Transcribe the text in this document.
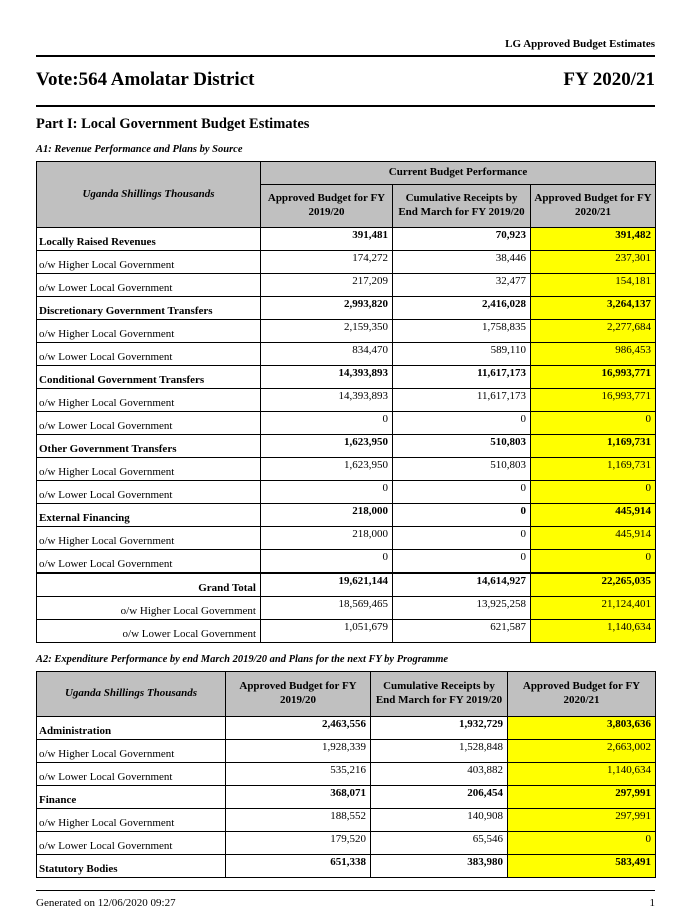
LG Approved Budget Estimates
Vote:564 Amolatar District	FY 2020/21
Part I: Local Government Budget Estimates
A1: Revenue Performance and Plans by Source
Uganda Shillings Thousands	Current Budget Performance		
	Approved Budget for FY 2019/20	Cumulative Receipts by End March for FY 2019/20	Approved Budget for FY 2020/21
Locally Raised Revenues	391,481	70,923	391,482
o/w Higher Local Government	174,272	38,446	237,301
o/w Lower Local Government	217,209	32,477	154,181
Discretionary Government Transfers	2,993,820	2,416,028	3,264,137
o/w Higher Local Government	2,159,350	1,758,835	2,277,684
o/w Lower Local Government	834,470	589,110	986,453
Conditional Government Transfers	14,393,893	11,617,173	16,993,771
o/w Higher Local Government	14,393,893	11,617,173	16,993,771
o/w Lower Local Government	0	0	0
Other Government Transfers	1,623,950	510,803	1,169,731
o/w Higher Local Government	1,623,950	510,803	1,169,731
o/w Lower Local Government	0	0	0
External Financing	218,000	0	445,914
o/w Higher Local Government	218,000	0	445,914
o/w Lower Local Government	0	0	0
Grand Total	19,621,144	14,614,927	22,265,035
o/w Higher Local Government	18,569,465	13,925,258	21,124,401
o/w Lower Local Government	1,051,679	621,587	1,140,634
A2: Expenditure Performance by end March 2019/20 and Plans for the next FY by Programme
Uganda Shillings Thousands	Approved Budget for FY 2019/20	Cumulative Receipts by End March for FY 2019/20	Approved Budget for FY 2020/21
Administration	2,463,556	1,932,729	3,803,636
o/w Higher Local Government	1,928,339	1,528,848	2,663,002
o/w Lower Local Government	535,216	403,882	1,140,634
Finance	368,071	206,454	297,991
o/w Higher Local Government	188,552	140,908	297,991
o/w Lower Local Government	179,520	65,546	0
Statutory Bodies	651,338	383,980	583,491
Generated on 12/06/2020 09:27	1
